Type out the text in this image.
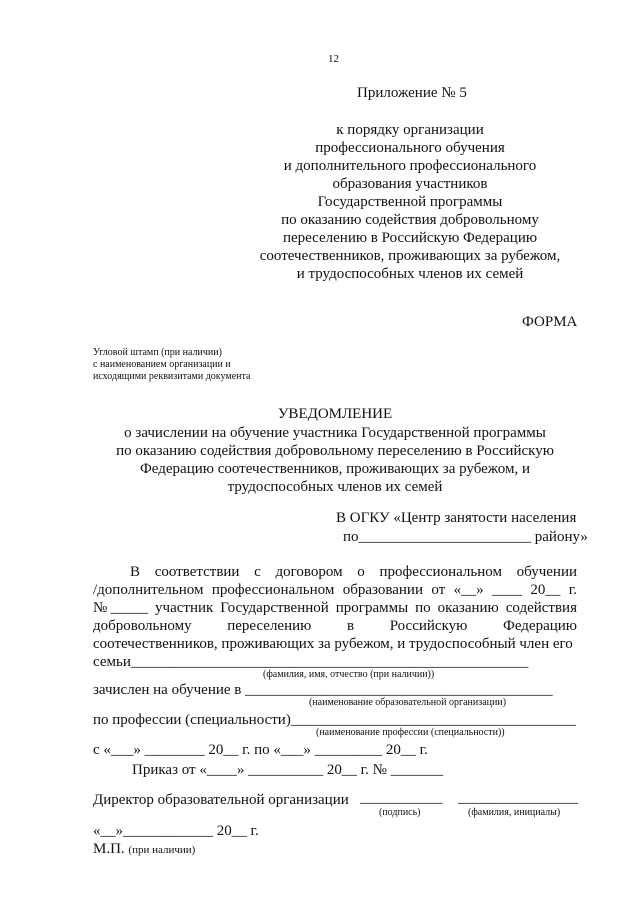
12
Приложение № 5
к порядку организации
профессионального обучения
и дополнительного профессионального
образования участников
Государственной программы
по оказанию содействия добровольному
переселению в Российскую Федерацию
соотечественников, проживающих за рубежом,
и трудоспособных членов их семей
ФОРМА
Угловой штамп (при наличии)
с наименованием организации и
исходящими реквизитами документа
УВЕДОМЛЕНИЕ
о зачислении на обучение участника Государственной программы
по оказанию содействия добровольному переселению в Российскую
Федерацию соотечественников, проживающих за рубежом, и
трудоспособных членов их семей
В ОГКУ «Центр занятости населения
по_______________________ району»
В соответствии с договором о профессиональном обучении
/дополнительном профессиональном образовании от «__» ____ 20__ г.
№_____ участник Государственной программы по оказанию содействия
добровольному переселению в Российскую Федерацию
соотечественников, проживающих за рубежом, и трудоспособный член его
семьи_____________________________________________________
(фамилия, имя, отчество (при наличии))
зачислен на обучение в _________________________________________
(наименование образовательной организации)
по профессии (специальности)______________________________________
(наименование профессии (специальности))
с «___» ________ 20__ г. по «___» _________ 20__ г.
Приказ от «____» __________ 20__ г. № _______
Директор образовательной организации ___________ ________________
(подпись)	(фамилия, инициалы)
«__»____________ 20__ г.
М.П. (при наличии)
